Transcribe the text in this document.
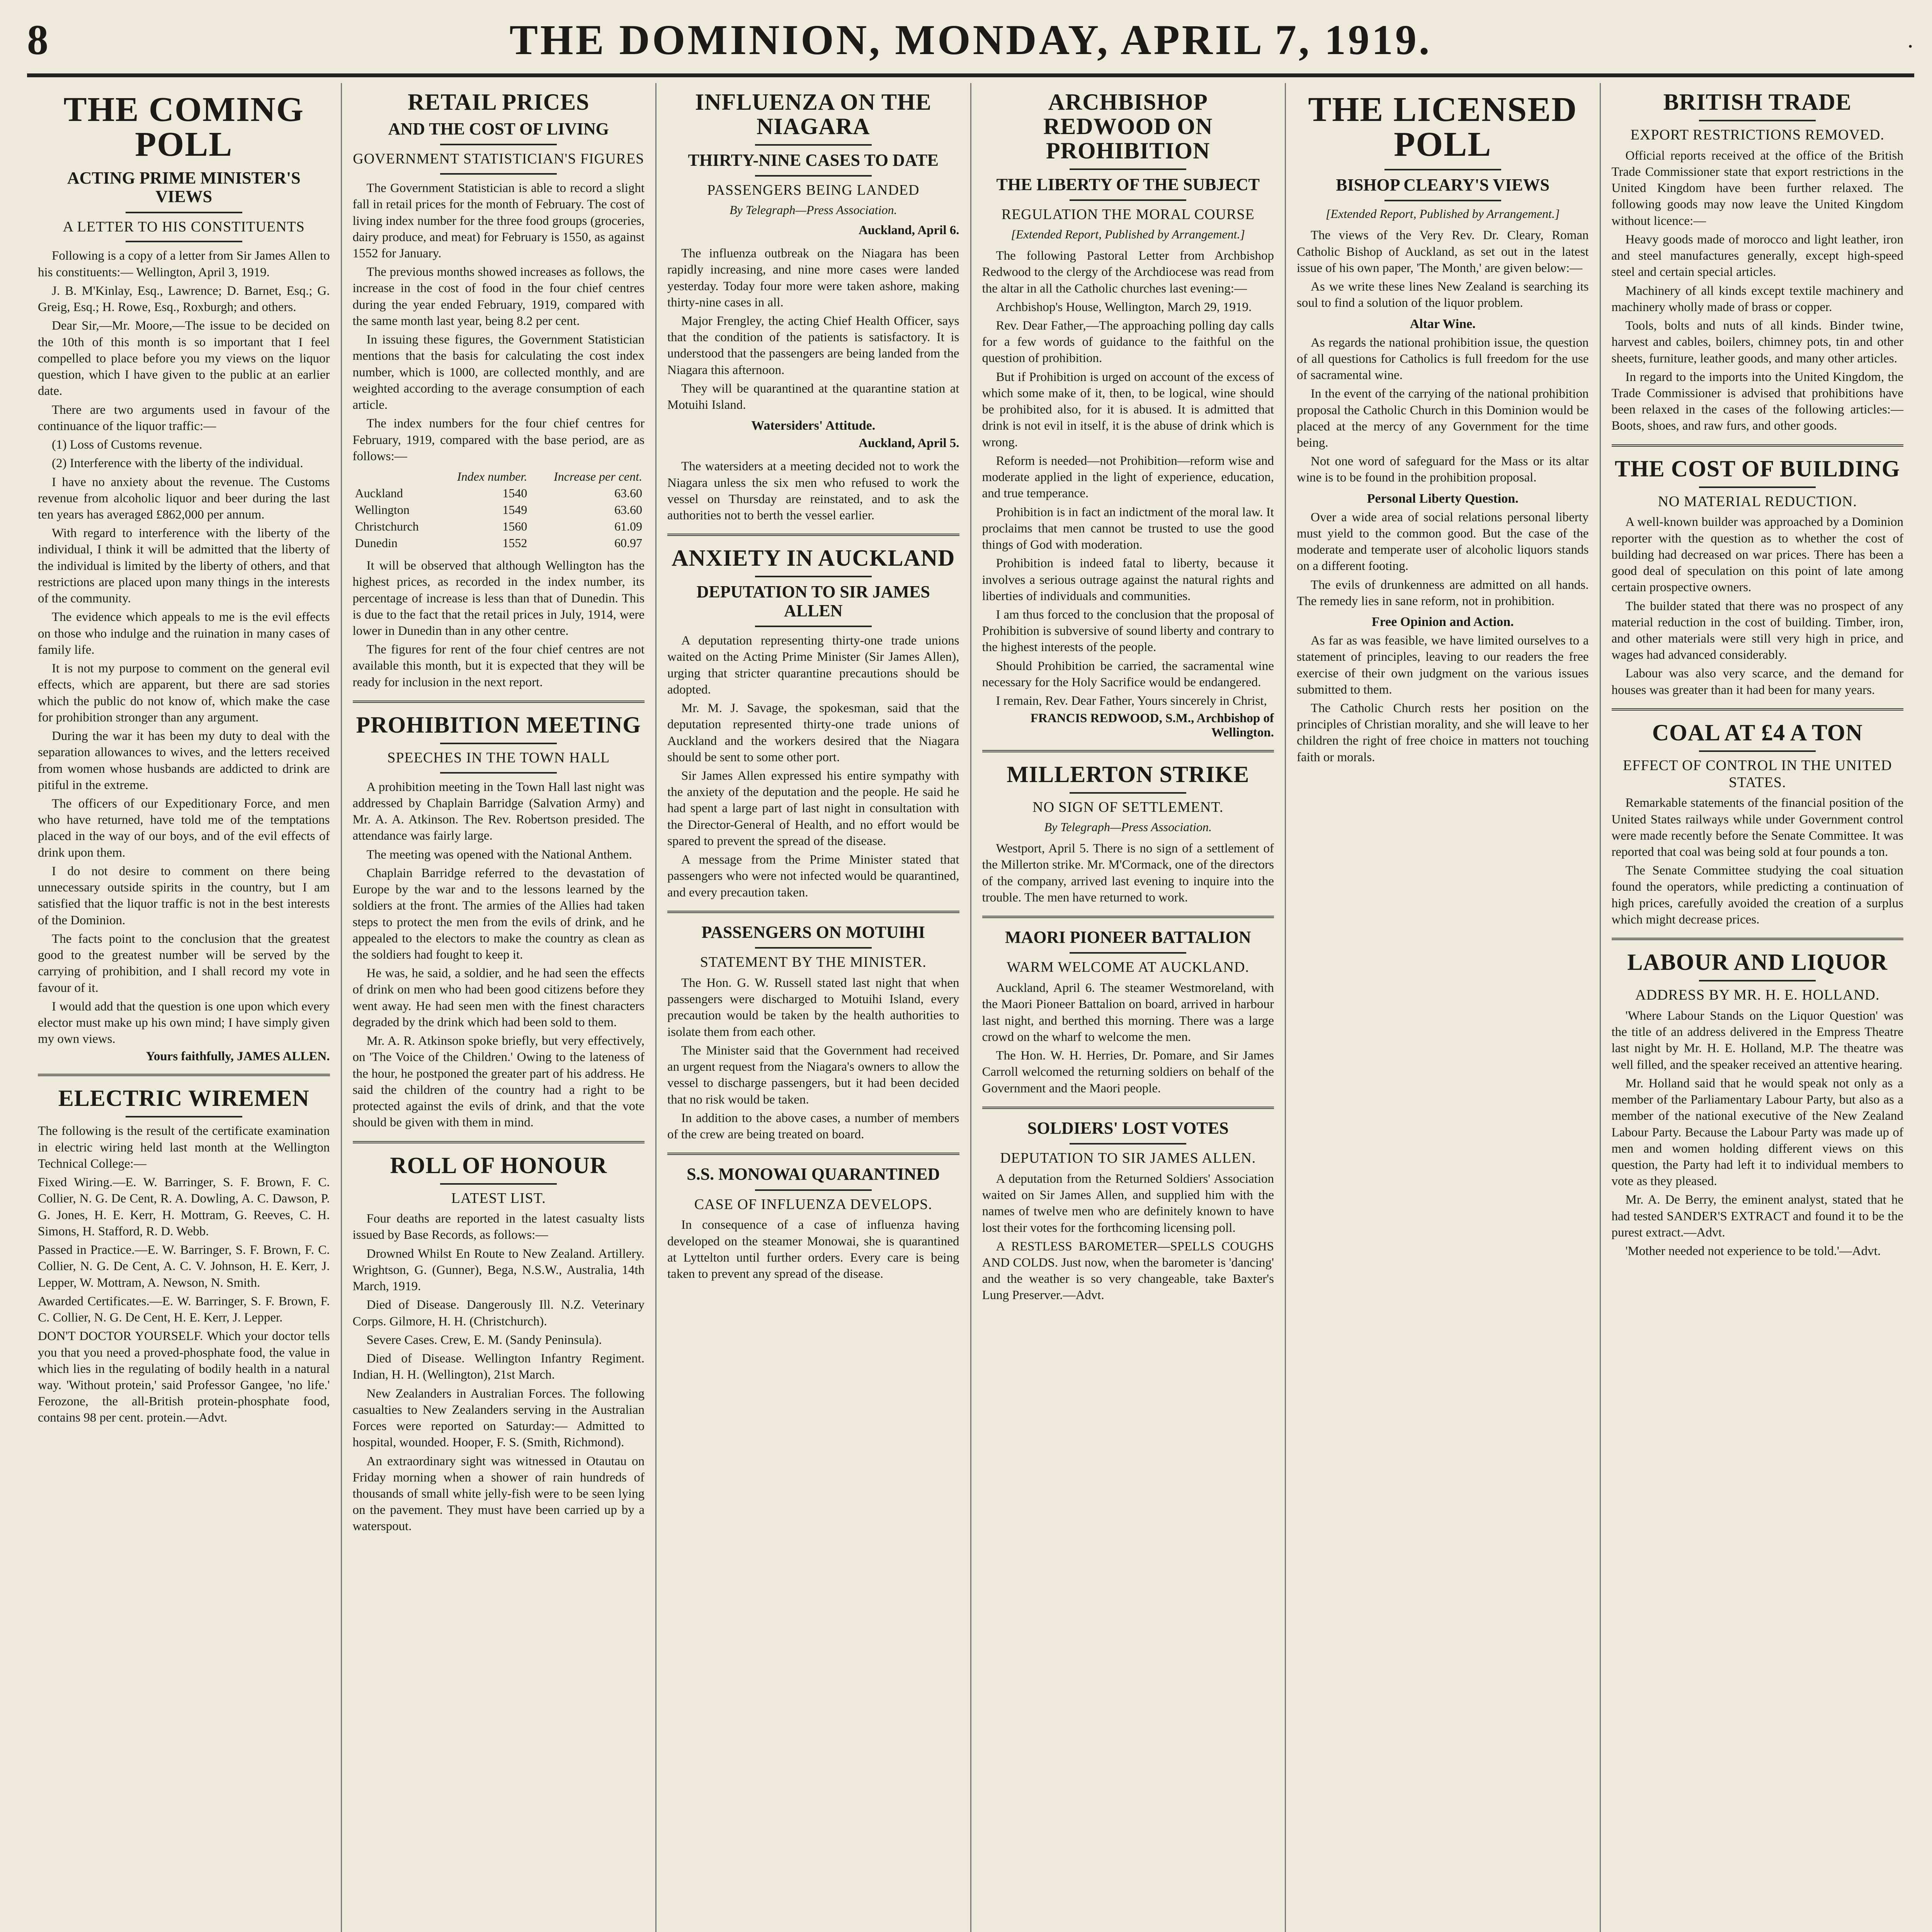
8	THE DOMINION, MONDAY, APRIL 7, 1919.	·
THE COMING POLL
ACTING PRIME MINISTER'S VIEWS
A LETTER TO HIS CONSTITUENTS

Following is a copy of a letter from Sir James Allen to his constituents:— Wellington, April 3, 1919.

J. B. M'Kinlay, Esq., Lawrence; D. Barnet, Esq.; G. Greig, Esq.; H. Rowe, Esq., Roxburgh; and others.

Dear Sir,—Mr. Moore,—The issue to be decided on the 10th of this month is so important that I feel compelled to place before you my views on the liquor question, which I have given to the public at an earlier date.

There are two arguments used in favour of the continuance of the liquor traffic:—

(1) Loss of Customs revenue.

(2) Interference with the liberty of the individual.

I have no anxiety about the revenue. The Customs revenue from alcoholic liquor and beer during the last ten years has averaged £862,000 per annum.

With regard to interference with the liberty of the individual, I think it will be admitted that the liberty of the individual is limited by the liberty of others, and that restrictions are placed upon many things in the interests of the community.

The evidence which appeals to me is the evil effects on those who indulge and the ruination in many cases of family life.

It is not my purpose to comment on the general evil effects, which are apparent, but there are sad stories which the public do not know of, which make the case for prohibition stronger than any argument.

During the war it has been my duty to deal with the separation allowances to wives, and the letters received from women whose husbands are addicted to drink are pitiful in the extreme.

The officers of our Expeditionary Force, and men who have returned, have told me of the temptations placed in the way of our boys, and of the evil effects of drink upon them.

I do not desire to comment on there being unnecessary outside spirits in the country, but I am satisfied that the liquor traffic is not in the best interests of the Dominion.

The facts point to the conclusion that the greatest good to the greatest number will be served by the carrying of prohibition, and I shall record my vote in favour of it.

I would add that the question is one upon which every elector must make up his own mind; I have simply given my own views.

Yours faithfully, JAMES ALLEN.
ELECTRIC WIREMEN

The following is the result of the certificate examination in electric wiring held last month at the Wellington Technical College:—

Fixed Wiring.—E. W. Barringer, S. F. Brown, F. C. Collier, N. G. De Cent, R. A. Dowling, A. C. Dawson, P. G. Jones, H. E. Kerr, H. Mottram, G. Reeves, C. H. Simons, H. Stafford, R. D. Webb.

Passed in Practice.—E. W. Barringer, S. F. Brown, F. C. Collier, N. G. De Cent, A. C. V. Johnson, H. E. Kerr, J. Lepper, W. Mottram, A. Newson, N. Smith.

Awarded Certificates.—E. W. Barringer, S. F. Brown, F. C. Collier, N. G. De Cent, H. E. Kerr, J. Lepper.

DON'T DOCTOR YOURSELF. Which your doctor tells you that you need a proved-phosphate food, the value in which lies in the regulating of bodily health in a natural way. 'Without protein,' said Professor Gangee, 'no life.' Ferozone, the all-British protein-phosphate food, contains 98 per cent. protein.—Advt.

RETAIL PRICES
AND THE COST OF LIVING
GOVERNMENT STATISTICIAN'S FIGURES

The Government Statistician is able to record a slight fall in retail prices for the month of February. The cost of living index number for the three food groups (groceries, dairy produce, and meat) for February is 1550, as against 1552 for January.

The previous months showed increases as follows, the increase in the cost of food in the four chief centres during the year ended February, 1919, compared with the same month last year, being 8.2 per cent.

In issuing these figures, the Government Statistician mentions that the basis for calculating the cost index number, which is 1000, are collected monthly, and are weighted according to the average consumption of each article.

The index numbers for the four chief centres for February, 1919, compared with the base period, are as follows:—

	Index number.	Increase per cent.
Auckland	1540	63.60
Wellington	1549	63.60
Christchurch	1560	61.09
Dunedin	1552	60.97

It will be observed that although Wellington has the highest prices, as recorded in the index number, its percentage of increase is less than that of Dunedin. This is due to the fact that the retail prices in July, 1914, were lower in Dunedin than in any other centre.

The figures for rent of the four chief centres are not available this month, but it is expected that they will be ready for inclusion in the next report.

PROHIBITION MEETING
SPEECHES IN THE TOWN HALL

A prohibition meeting in the Town Hall last night was addressed by Chaplain Barridge (Salvation Army) and Mr. A. A. Atkinson. The Rev. Robertson presided. The attendance was fairly large.

The meeting was opened with the National Anthem.

Chaplain Barridge referred to the devastation of Europe by the war and to the lessons learned by the soldiers at the front. The armies of the Allies had taken steps to protect the men from the evils of drink, and he appealed to the electors to make the country as clean as the soldiers had fought to keep it.

He was, he said, a soldier, and he had seen the effects of drink on men who had been good citizens before they went away. He had seen men with the finest characters degraded by the drink which had been sold to them.

Mr. A. R. Atkinson spoke briefly, but very effectively, on 'The Voice of the Children.' Owing to the lateness of the hour, he postponed the greater part of his address. He said the children of the country had a right to be protected against the evils of drink, and that the vote should be given with them in mind.

ROLL OF HONOUR
LATEST LIST.

Four deaths are reported in the latest casualty lists issued by Base Records, as follows:—

Drowned Whilst En Route to New Zealand. Artillery. Wrightson, G. (Gunner), Bega, N.S.W., Australia, 14th March, 1919.

Died of Disease. Dangerously Ill. N.Z. Veterinary Corps. Gilmore, H. H. (Christchurch).

Severe Cases. Crew, E. M. (Sandy Peninsula).

Died of Disease. Wellington Infantry Regiment. Indian, H. H. (Wellington), 21st March.

New Zealanders in Australian Forces. The following casualties to New Zealanders serving in the Australian Forces were reported on Saturday:— Admitted to hospital, wounded. Hooper, F. S. (Smith, Richmond).

An extraordinary sight was witnessed in Otautau on Friday morning when a shower of rain hundreds of thousands of small white jelly-fish were to be seen lying on the pavement. They must have been carried up by a waterspout.

INFLUENZA ON THE NIAGARA
THIRTY-NINE CASES TO DATE
PASSENGERS BEING LANDED
By Telegraph—Press Association.
Auckland, April 6.

The influenza outbreak on the Niagara has been rapidly increasing, and nine more cases were landed yesterday. Today four more were taken ashore, making thirty-nine cases in all.

Major Frengley, the acting Chief Health Officer, says that the condition of the patients is satisfactory. It is understood that the passengers are being landed from the Niagara this afternoon.

They will be quarantined at the quarantine station at Motuihi Island.

Watersiders' Attitude.
Auckland, April 5.

The watersiders at a meeting decided not to work the Niagara unless the six men who refused to work the vessel on Thursday are reinstated, and to ask the authorities not to berth the vessel earlier.

ANXIETY IN AUCKLAND
DEPUTATION TO SIR JAMES ALLEN

A deputation representing thirty-one trade unions waited on the Acting Prime Minister (Sir James Allen), urging that stricter quarantine precautions should be adopted.

Mr. M. J. Savage, the spokesman, said that the deputation represented thirty-one trade unions of Auckland and the workers desired that the Niagara should be sent to some other port.

Sir James Allen expressed his entire sympathy with the anxiety of the deputation and the people. He said he had spent a large part of last night in consultation with the Director-General of Health, and no effort would be spared to prevent the spread of the disease.

A message from the Prime Minister stated that passengers who were not infected would be quarantined, and every precaution taken.

PASSENGERS ON MOTUIHI
STATEMENT BY THE MINISTER.

The Hon. G. W. Russell stated last night that when passengers were discharged to Motuihi Island, every precaution would be taken by the health authorities to isolate them from each other.

The Minister said that the Government had received an urgent request from the Niagara's owners to allow the vessel to discharge passengers, but it had been decided that no risk would be taken.

In addition to the above cases, a number of members of the crew are being treated on board.

S.S. MONOWAI QUARANTINED
CASE OF INFLUENZA DEVELOPS.

In consequence of a case of influenza having developed on the steamer Monowai, she is quarantined at Lyttelton until further orders. Every care is being taken to prevent any spread of the disease.

ARCHBISHOP REDWOOD ON PROHIBITION
THE LIBERTY OF THE SUBJECT
REGULATION THE MORAL COURSE
[Extended Report, Published by Arrangement.]

The following Pastoral Letter from Archbishop Redwood to the clergy of the Archdiocese was read from the altar in all the Catholic churches last evening:—

Archbishop's House, Wellington, March 29, 1919.

Rev. Dear Father,—The approaching polling day calls for a few words of guidance to the faithful on the question of prohibition.

But if Prohibition is urged on account of the excess of which some make of it, then, to be logical, wine should be prohibited also, for it is abused. It is admitted that drink is not evil in itself, it is the abuse of drink which is wrong.

Reform is needed—not Prohibition—reform wise and moderate applied in the light of experience, education, and true temperance.

Prohibition is in fact an indictment of the moral law. It proclaims that men cannot be trusted to use the good things of God with moderation.

Prohibition is indeed fatal to liberty, because it involves a serious outrage against the natural rights and liberties of individuals and communities.

I am thus forced to the conclusion that the proposal of Prohibition is subversive of sound liberty and contrary to the highest interests of the people.

Should Prohibition be carried, the sacramental wine necessary for the Holy Sacrifice would be endangered.

I remain, Rev. Dear Father, Yours sincerely in Christ,

FRANCIS REDWOOD, S.M., Archbishop of Wellington.
MILLERTON STRIKE
NO SIGN OF SETTLEMENT.
By Telegraph—Press Association.

Westport, April 5. There is no sign of a settlement of the Millerton strike. Mr. M'Cormack, one of the directors of the company, arrived last evening to inquire into the trouble. The men have returned to work.

MAORI PIONEER BATTALION
WARM WELCOME AT AUCKLAND.

Auckland, April 6. The steamer Westmoreland, with the Maori Pioneer Battalion on board, arrived in harbour last night, and berthed this morning. There was a large crowd on the wharf to welcome the men.

The Hon. W. H. Herries, Dr. Pomare, and Sir James Carroll welcomed the returning soldiers on behalf of the Government and the Maori people.

SOLDIERS' LOST VOTES
DEPUTATION TO SIR JAMES ALLEN.

A deputation from the Returned Soldiers' Association waited on Sir James Allen, and supplied him with the names of twelve men who are definitely known to have lost their votes for the forthcoming licensing poll.

A RESTLESS BAROMETER—SPELLS COUGHS AND COLDS. Just now, when the barometer is 'dancing' and the weather is so very changeable, take Baxter's Lung Preserver.—Advt.

THE LICENSED POLL
BISHOP CLEARY'S VIEWS
[Extended Report, Published by Arrangement.]

The views of the Very Rev. Dr. Cleary, Roman Catholic Bishop of Auckland, as set out in the latest issue of his own paper, 'The Month,' are given below:—

As we write these lines New Zealand is searching its soul to find a solution of the liquor problem.

Altar Wine.

As regards the national prohibition issue, the question of all questions for Catholics is full freedom for the use of sacramental wine.

In the event of the carrying of the national prohibition proposal the Catholic Church in this Dominion would be placed at the mercy of any Government for the time being.

Not one word of safeguard for the Mass or its altar wine is to be found in the prohibition proposal.

Personal Liberty Question.

Over a wide area of social relations personal liberty must yield to the common good. But the case of the moderate and temperate user of alcoholic liquors stands on a different footing.

The evils of drunkenness are admitted on all hands. The remedy lies in sane reform, not in prohibition.

Free Opinion and Action.

As far as was feasible, we have limited ourselves to a statement of principles, leaving to our readers the free exercise of their own judgment on the various issues submitted to them.

The Catholic Church rests her position on the principles of Christian morality, and she will leave to her children the right of free choice in matters not touching faith or morals.

BRITISH TRADE
EXPORT RESTRICTIONS REMOVED.

Official reports received at the office of the British Trade Commissioner state that export restrictions in the United Kingdom have been further relaxed. The following goods may now leave the United Kingdom without licence:—

Heavy goods made of morocco and light leather, iron and steel manufactures generally, except high-speed steel and certain special articles.

Machinery of all kinds except textile machinery and machinery wholly made of brass or copper.

Tools, bolts and nuts of all kinds. Binder twine, harvest and cables, boilers, chimney pots, tin and other sheets, furniture, leather goods, and many other articles.

In regard to the imports into the United Kingdom, the Trade Commissioner is advised that prohibitions have been relaxed in the cases of the following articles:— Boots, shoes, and raw furs, and other goods.

THE COST OF BUILDING
NO MATERIAL REDUCTION.

A well-known builder was approached by a Dominion reporter with the question as to whether the cost of building had decreased on war prices. There has been a good deal of speculation on this point of late among certain prospective owners.

The builder stated that there was no prospect of any material reduction in the cost of building. Timber, iron, and other materials were still very high in price, and wages had advanced considerably.

Labour was also very scarce, and the demand for houses was greater than it had been for many years.

COAL AT £4 A TON
EFFECT OF CONTROL IN THE UNITED STATES.

Remarkable statements of the financial position of the United States railways while under Government control were made recently before the Senate Committee. It was reported that coal was being sold at four pounds a ton.

The Senate Committee studying the coal situation found the operators, while predicting a continuation of high prices, carefully avoided the creation of a surplus which might decrease prices.

LABOUR AND LIQUOR
ADDRESS BY MR. H. E. HOLLAND.

'Where Labour Stands on the Liquor Question' was the title of an address delivered in the Empress Theatre last night by Mr. H. E. Holland, M.P. The theatre was well filled, and the speaker received an attentive hearing.

Mr. Holland said that he would speak not only as a member of the Parliamentary Labour Party, but also as a member of the national executive of the New Zealand Labour Party. Because the Labour Party was made up of men and women holding different views on this question, the Party had left it to individual members to vote as they pleased.

Mr. A. De Berry, the eminent analyst, stated that he had tested SANDER'S EXTRACT and found it to be the purest extract.—Advt.

'Mother needed not experience to be told.'—Advt.
